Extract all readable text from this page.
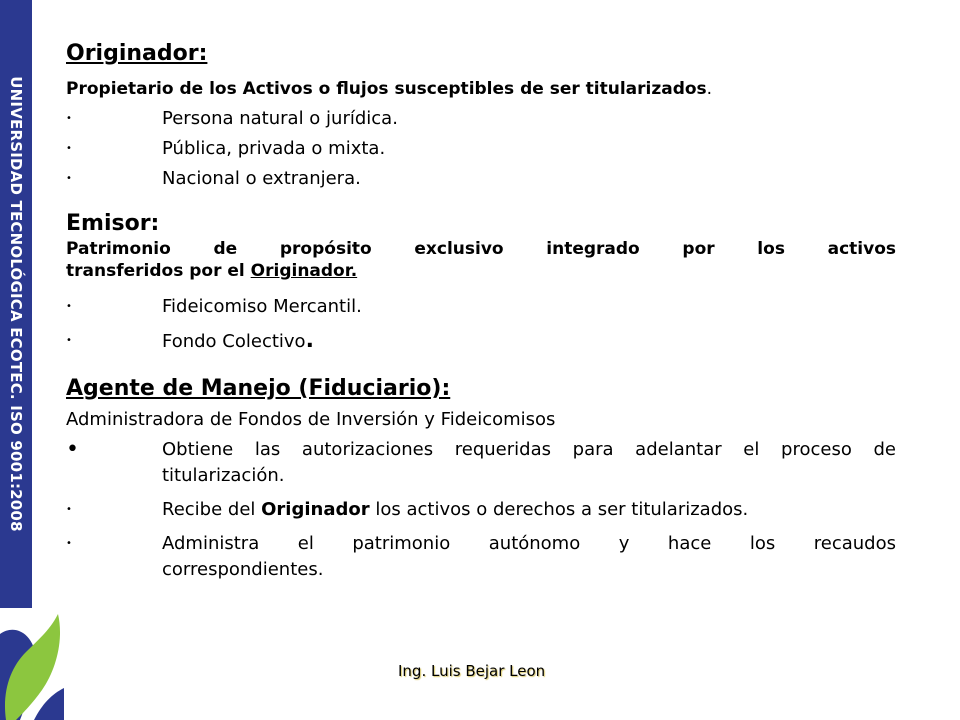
UNIVERSIDAD TECNOLÓGICA ECOTEC. ISO 9001:2008
Originador:
Propietario de los Activos o flujos susceptibles de ser titularizados.
•	Persona natural o jurídica.
•	Pública, privada o mixta.
•	Nacional o extranjera.
Emisor:
Patrimonio de propósito exclusivo integrado por los activos
transferidos por el Originador.
•	Fideicomiso Mercantil.
•	Fondo Colectivo.
Agente de Manejo (Fiduciario):
Administradora de Fondos de Inversión y Fideicomisos
•	Obtiene las autorizaciones requeridas para adelantar el proceso de
titularización.
•	Recibe del Originador los activos o derechos a ser titularizados.
•	Administra el patrimonio autónomo y hace los recaudos
correspondientes.
Ing. Luis Bejar Leon
